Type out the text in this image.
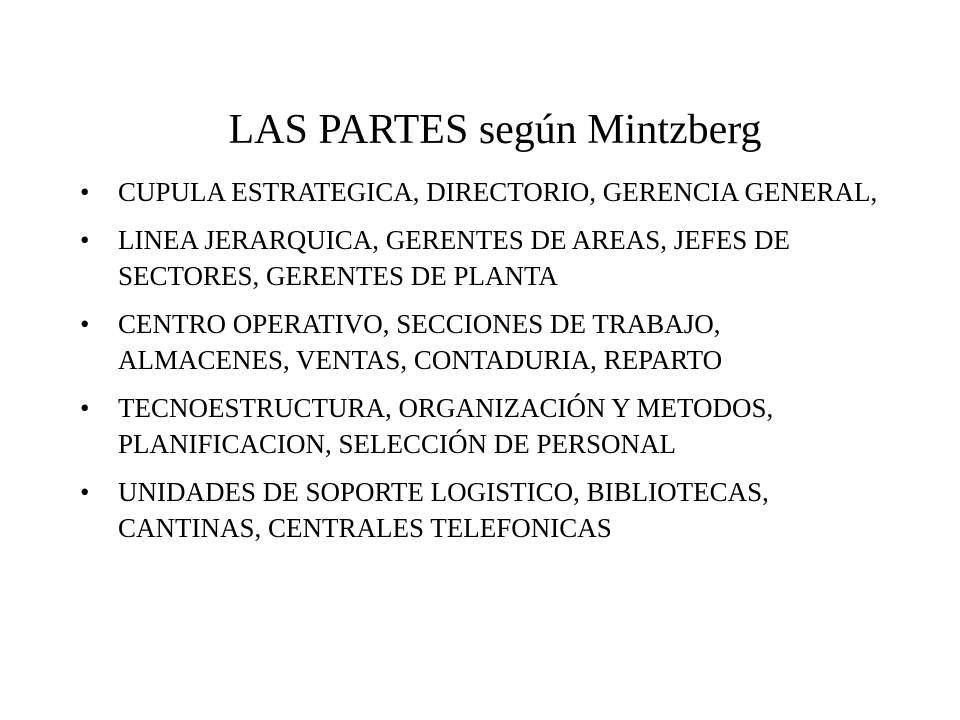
LAS PARTES según Mintzberg
• CUPULA ESTRATEGICA, DIRECTORIO, GERENCIA GENERAL,
• LINEA JERARQUICA, GERENTES DE AREAS, JEFES DE SECTORES, GERENTES DE PLANTA
• CENTRO OPERATIVO, SECCIONES DE TRABAJO, ALMACENES, VENTAS, CONTADURIA, REPARTO
• TECNOESTRUCTURA, ORGANIZACIÓN Y METODOS, PLANIFICACION, SELECCIÓN DE PERSONAL
• UNIDADES DE SOPORTE LOGISTICO, BIBLIOTECAS, CANTINAS, CENTRALES TELEFONICAS
